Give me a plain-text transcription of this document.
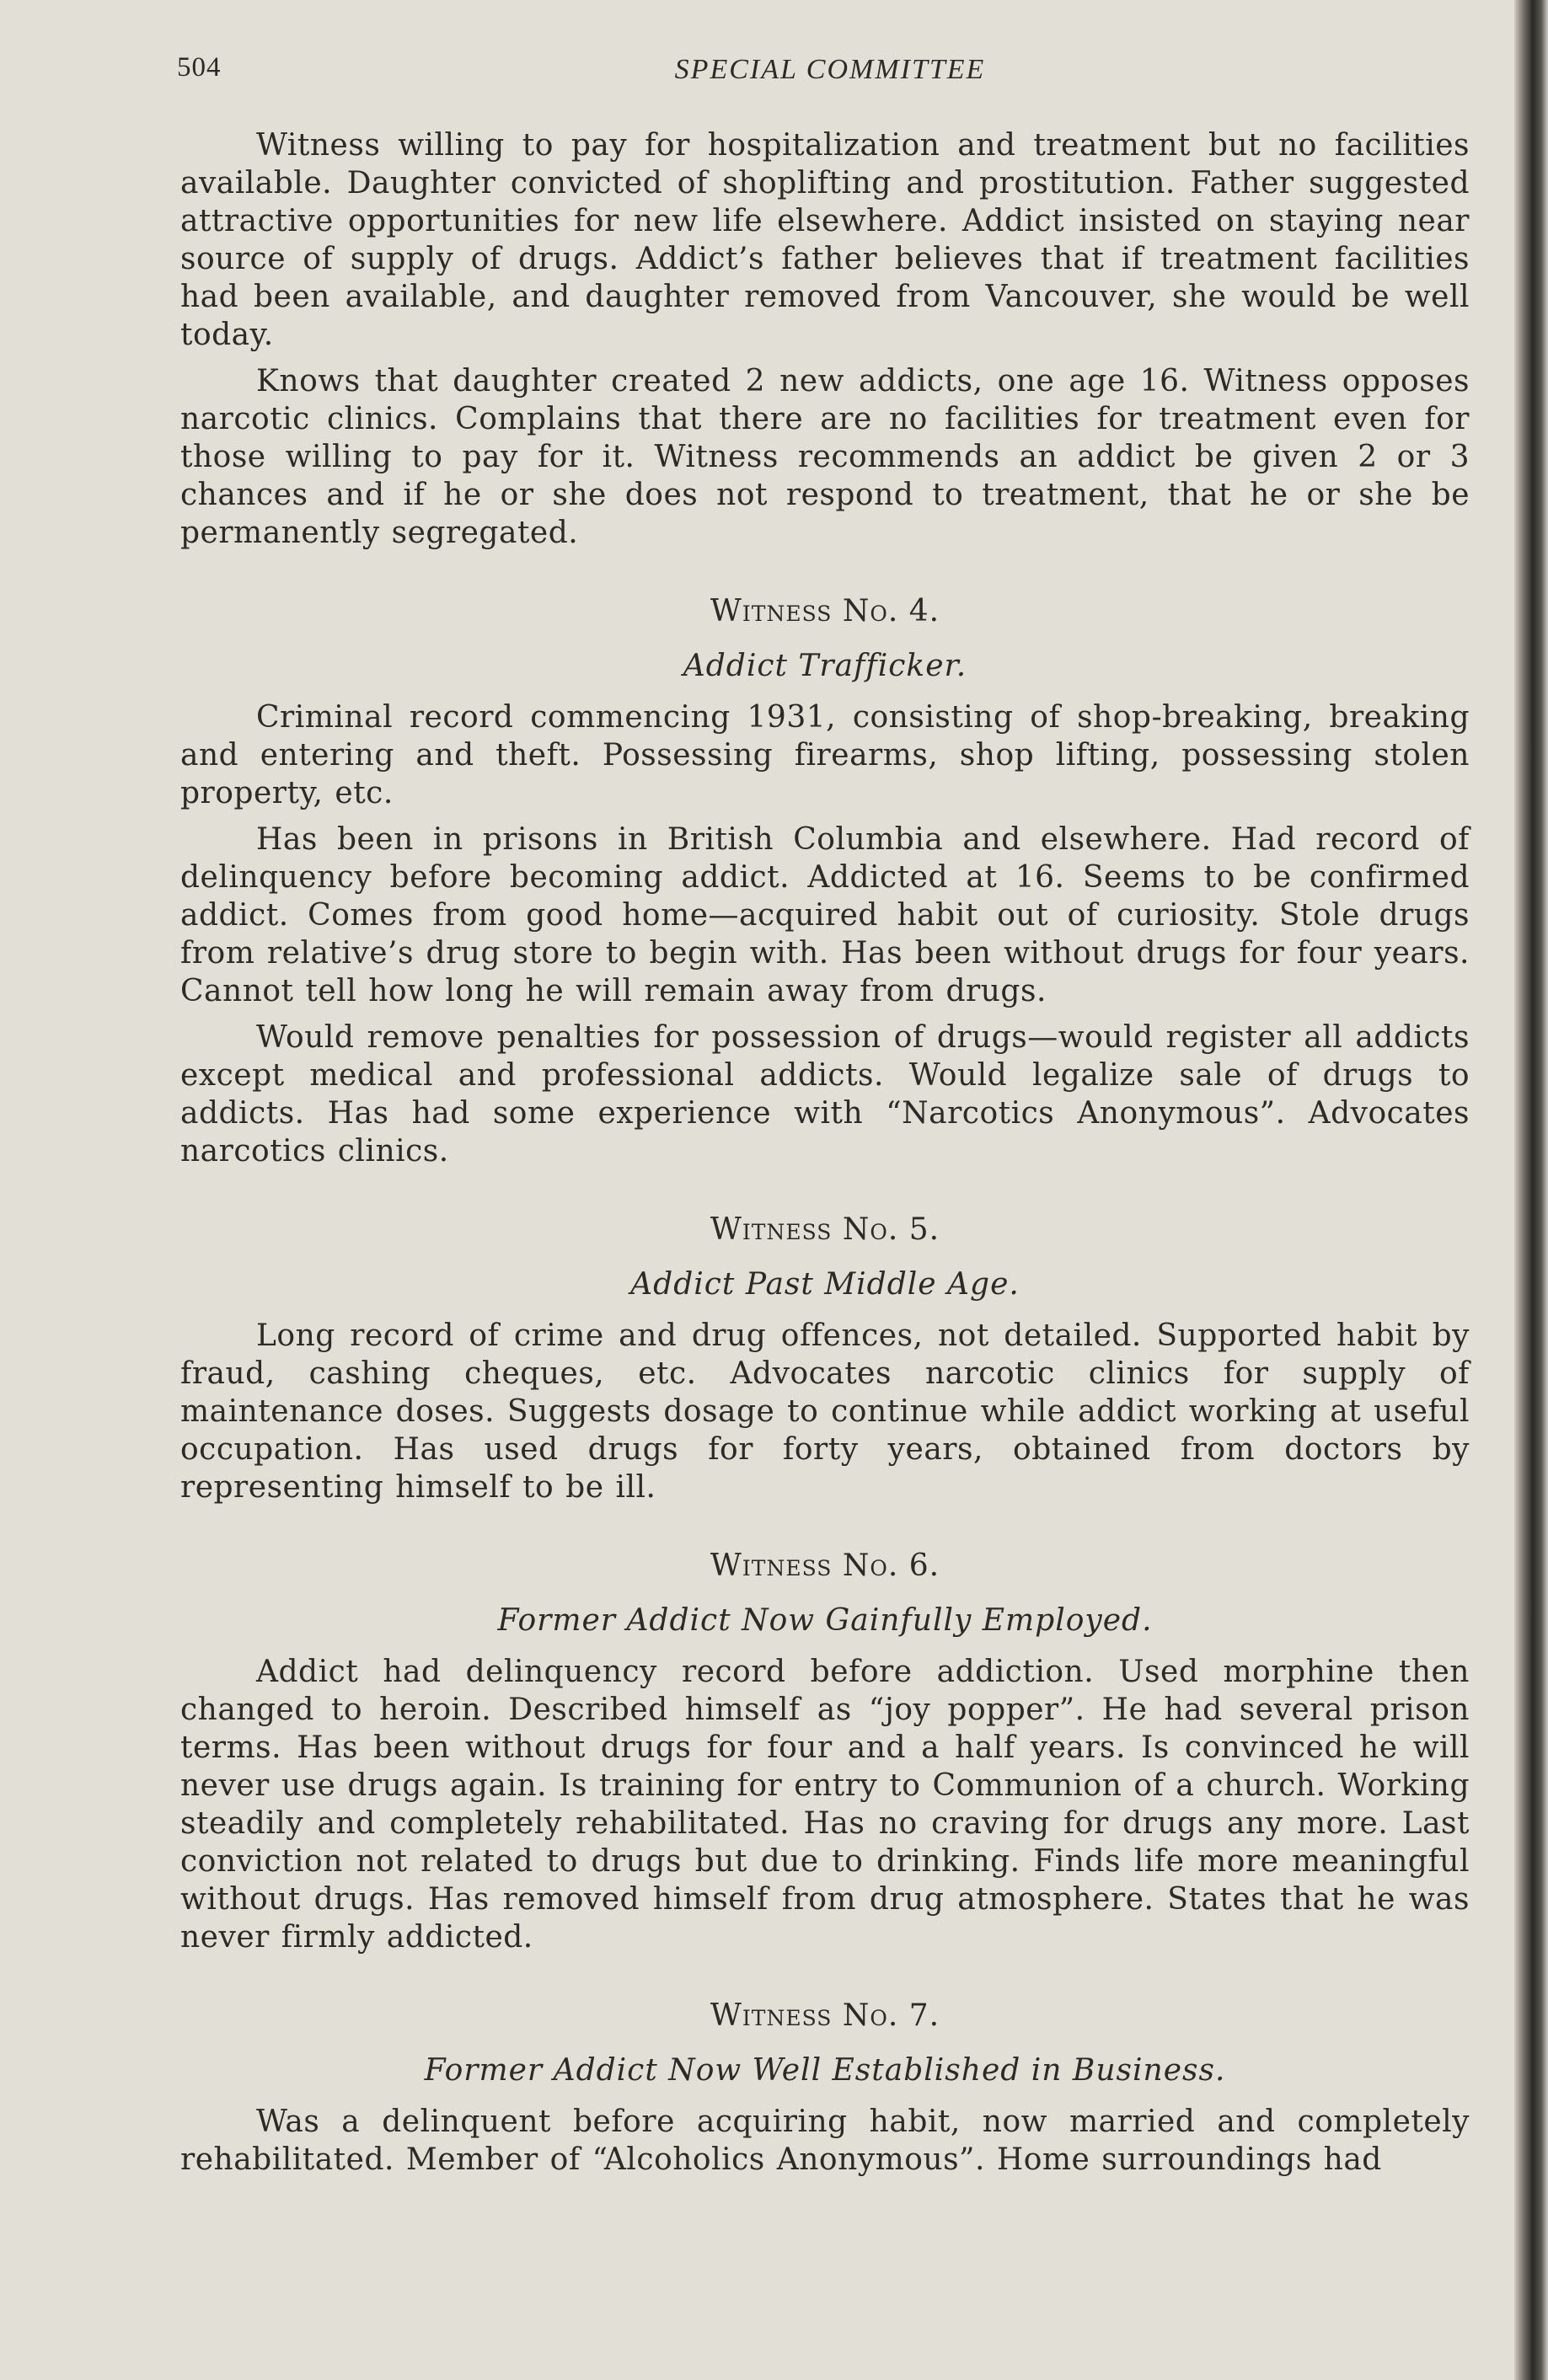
504	SPECIAL COMMITTEE

Witness willing to pay for hospitalization and treatment but no facilities available. Daughter convicted of shoplifting and prostitution. Father suggested attractive opportunities for new life elsewhere. Addict insisted on staying near source of supply of drugs. Addict’s father believes that if treatment facilities had been available, and daughter removed from Vancouver, she would be well today.

Knows that daughter created 2 new addicts, one age 16. Witness opposes narcotic clinics. Complains that there are no facilities for treatment even for those willing to pay for it. Witness recommends an addict be given 2 or 3 chances and if he or she does not respond to treatment, that he or she be permanently segregated.

Witness No. 4.
Addict Trafficker.

Criminal record commencing 1931, consisting of shop-breaking, breaking and entering and theft. Possessing firearms, shop lifting, possessing stolen property, etc.

Has been in prisons in British Columbia and elsewhere. Had record of delinquency before becoming addict. Addicted at 16. Seems to be confirmed addict. Comes from good home—acquired habit out of curiosity. Stole drugs from relative’s drug store to begin with. Has been without drugs for four years. Cannot tell how long he will remain away from drugs.

Would remove penalties for possession of drugs—would register all addicts except medical and professional addicts. Would legalize sale of drugs to addicts. Has had some experience with “Narcotics Anonymous”. Advocates narcotics clinics.

Witness No. 5.
Addict Past Middle Age.

Long record of crime and drug offences, not detailed. Supported habit by fraud, cashing cheques, etc. Advocates narcotic clinics for supply of maintenance doses. Suggests dosage to continue while addict working at useful occupation. Has used drugs for forty years, obtained from doctors by representing himself to be ill.

Witness No. 6.
Former Addict Now Gainfully Employed.

Addict had delinquency record before addiction. Used morphine then changed to heroin. Described himself as “joy popper”. He had several prison terms. Has been without drugs for four and a half years. Is convinced he will never use drugs again. Is training for entry to Communion of a church. Working steadily and completely rehabilitated. Has no craving for drugs any more. Last conviction not related to drugs but due to drinking. Finds life more meaningful without drugs. Has removed himself from drug atmosphere. States that he was never firmly addicted.

Witness No. 7.
Former Addict Now Well Established in Business.

Was a delinquent before acquiring habit, now married and completely rehabilitated. Member of “Alcoholics Anonymous”. Home surroundings had
